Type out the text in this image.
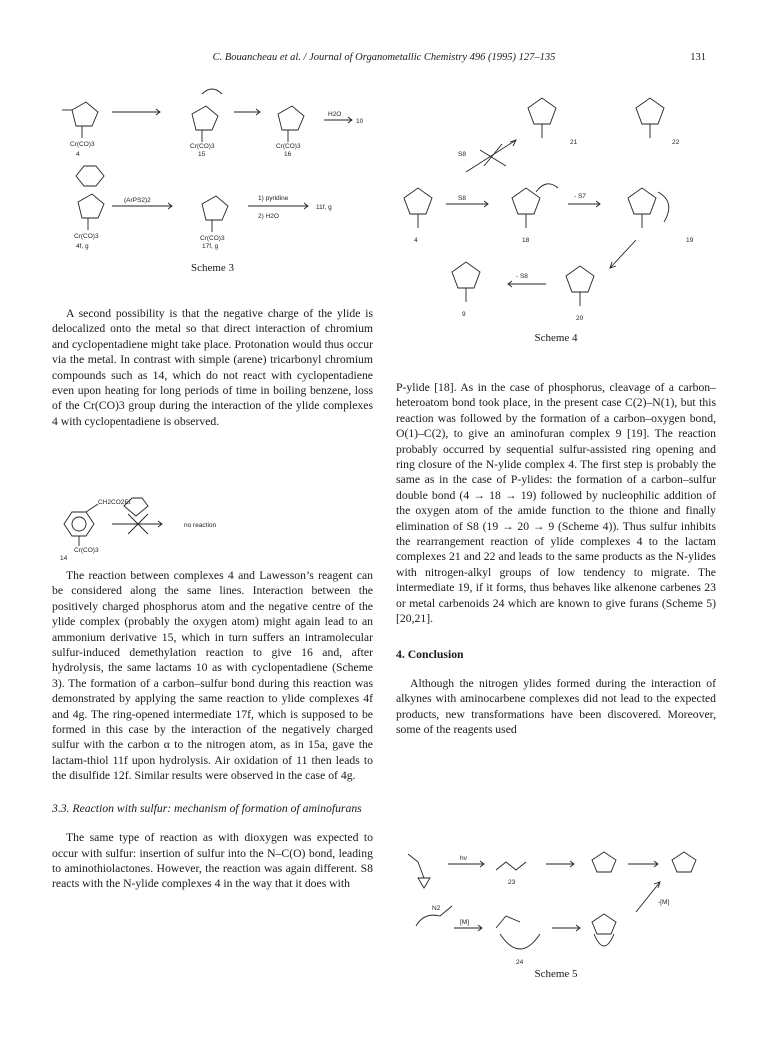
C. Bouancheau et al. / Journal of Organometallic Chemistry 496 (1995) 127–135	131
4	15	16
H2O
10
Cr(CO)3	Cr(CO)3	Cr(CO)3
(ArPS2)2	1) pyridine
2) H2O
11f, g
4f, g	17f, g
Cr(CO)3	Cr(CO)3
Scheme 3
21	22
S8
S8	- S7
4	18	19
- S8
20
9
Scheme 4

A second possibility is that the negative charge of the ylide is delocalized onto the metal so that direct interaction of chromium and cyclopentadiene might take place. Protonation would thus occur via the metal. In contrast with simple (arene) tricarbonyl chromium compounds such as 14, which do not react with cyclopentadiene even upon heating for long periods of time in boiling benzene, loss of the Cr(CO)3 group during the interaction of the ylide complexes 4 with cyclopentadiene is observed.

CH2CO2Et
Cr(CO)3
14
no reaction

The reaction between complexes 4 and Lawesson’s reagent can be considered along the same lines. Interaction between the positively charged phosphorus atom and the negative centre of the ylide complex (probably the oxygen atom) might again lead to an ammonium derivative 15, which in turn suffers an intramolecular sulfur-induced demethylation reaction to give 16 and, after hydrolysis, the same lactams 10 as with cyclopentadiene (Scheme 3). The formation of a carbon–sulfur bond during this reaction was demonstrated by applying the same reaction to ylide complexes 4f and 4g. The ring-opened intermediate 17f, which is supposed to be formed in this case by the interaction of the negatively charged sulfur with the carbon α to the nitrogen atom, as in 15a, gave the lactam-thiol 11f upon hydrolysis. Air oxidation of 11 then leads to the disulfide 12f. Similar results were observed in the case of 4g.

3.3. Reaction with sulfur: mechanism of formation of aminofurans

The same type of reaction as with dioxygen was expected to occur with sulfur: insertion of sulfur into the N–C(O) bond, leading to aminothiolactones. However, the reaction was again different. S8 reacts with the N-ylide complexes 4 in the way that it does with

P-ylide [18]. As in the case of phosphorus, cleavage of a carbon–heteroatom bond took place, in the present case C(2)–N(1), but this reaction was followed by the formation of a carbon–oxygen bond, O(1)–C(2), to give an aminofuran complex 9 [19]. The reaction probably occurred by sequential sulfur-assisted ring opening and ring closure of the N-ylide complex 4. The first step is probably the same as in the case of P-ylides: the formation of a carbon–sulfur double bond (4 → 18 → 19) followed by nucleophilic addition of the oxygen atom of the amide function to the thione and finally elimination of S8 (19 → 20 → 9 (Scheme 4)). Thus sulfur inhibits the rearrangement reaction of ylide complexes 4 to the lactam complexes 21 and 22 and leads to the same products as the N-ylides with nitrogen-alkyl groups of low tendency to migrate. The intermediate 19, if it forms, thus behaves like alkenone carbenes 23 or metal carbenoids 24 which are known to give furans (Scheme 5) [20,21].

4. Conclusion

Although the nitrogen ylides formed during the interaction of alkynes with aminocarbene complexes did not lead to the expected products, new transformations have been discovered. Moreover, some of the reagents used

hν
23
-[M]
N2
[M]
24
Scheme 5
